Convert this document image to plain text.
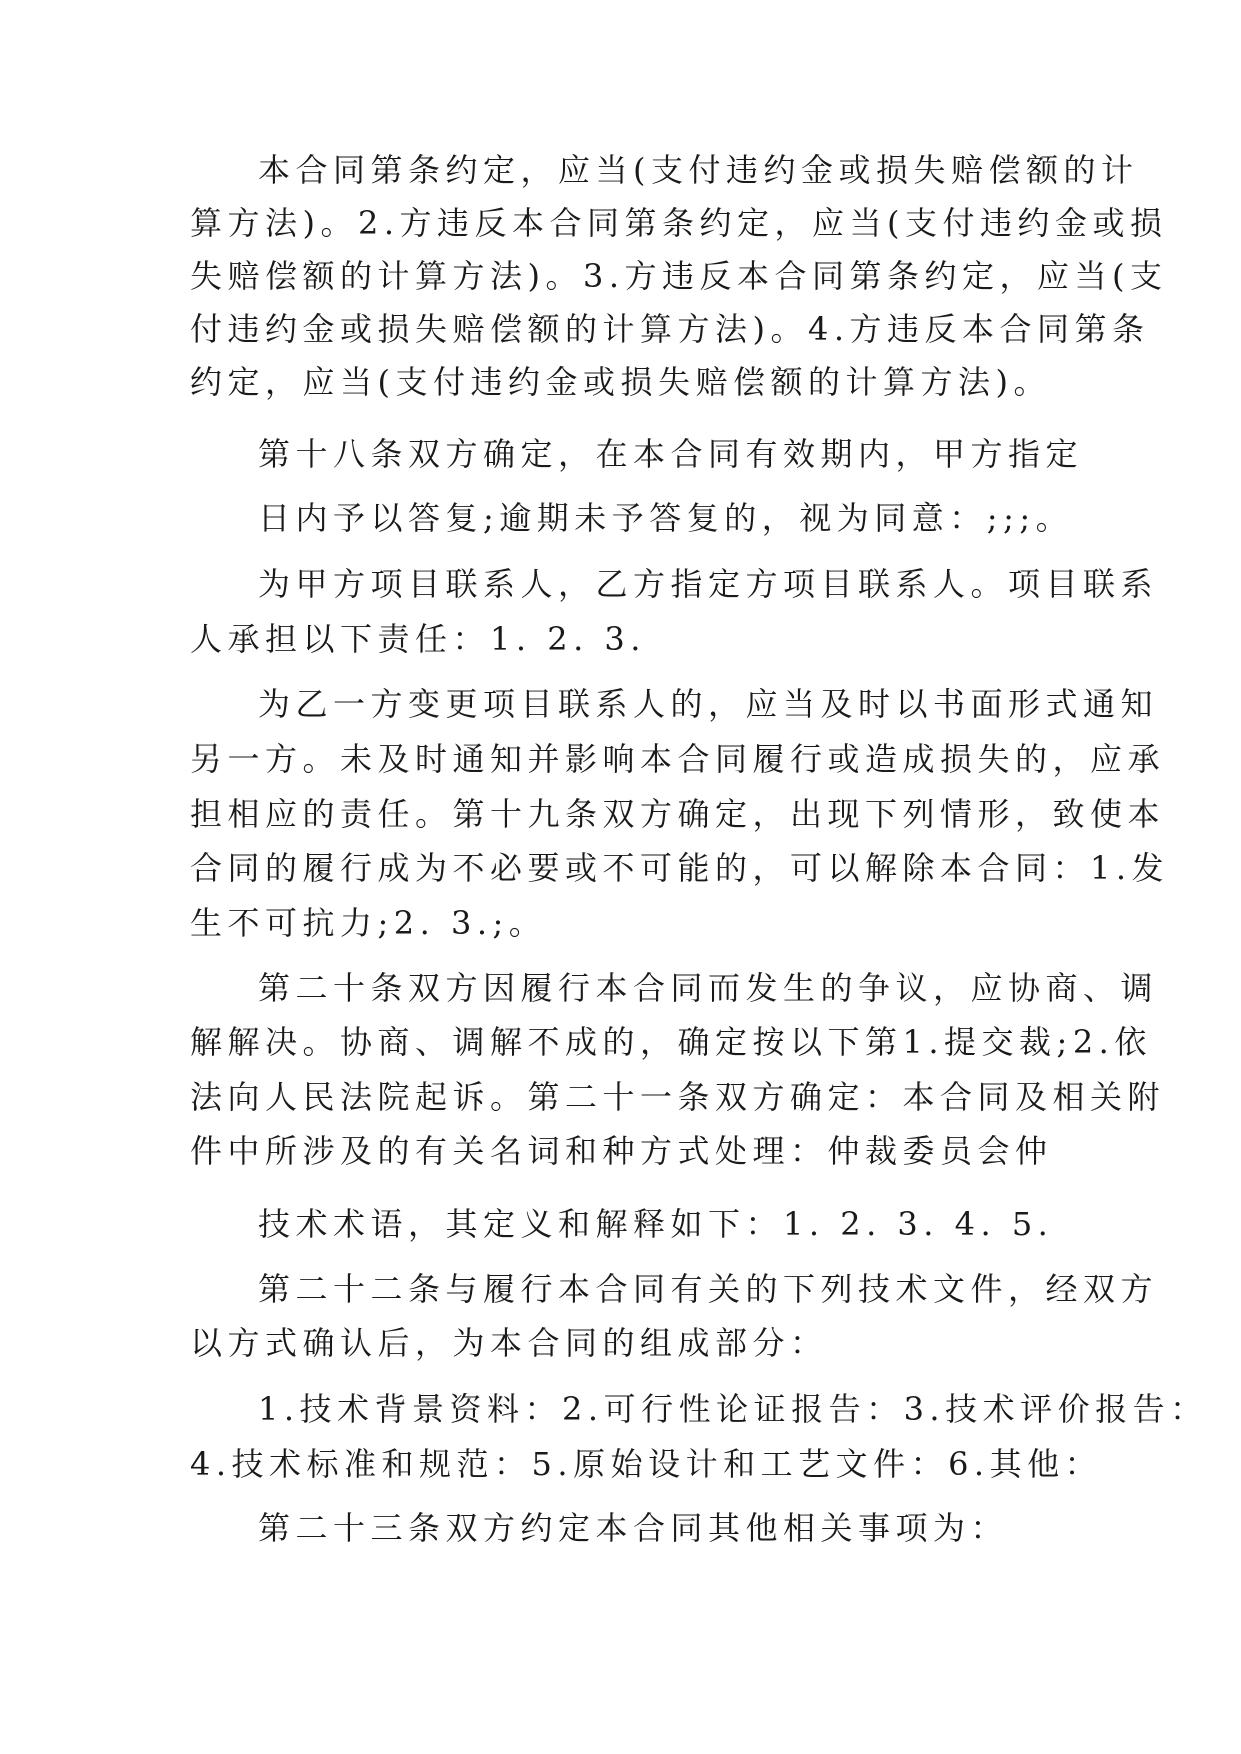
本合同第条约定，应当(支付违约金或损失赔偿额的计
算方法)。2.方违反本合同第条约定，应当(支付违约金或损
失赔偿额的计算方法)。3.方违反本合同第条约定，应当(支
付违约金或损失赔偿额的计算方法)。4.方违反本合同第条
约定，应当(支付违约金或损失赔偿额的计算方法)。
第十八条双方确定，在本合同有效期内，甲方指定
日内予以答复;逾期未予答复的，视为同意：;;;。
为甲方项目联系人，乙方指定方项目联系人。项目联系
人承担以下责任：1. 2. 3.
为乙一方变更项目联系人的，应当及时以书面形式通知
另一方。未及时通知并影响本合同履行或造成损失的，应承
担相应的责任。第十九条双方确定，出现下列情形，致使本
合同的履行成为不必要或不可能的，可以解除本合同：1.发
生不可抗力;2. 3.;。
第二十条双方因履行本合同而发生的争议，应协商、调
解解决。协商、调解不成的，确定按以下第1.提交裁;2.依
法向人民法院起诉。第二十一条双方确定：本合同及相关附
件中所涉及的有关名词和种方式处理：仲裁委员会仲
技术术语，其定义和解释如下：1. 2. 3. 4. 5.
第二十二条与履行本合同有关的下列技术文件，经双方
以方式确认后，为本合同的组成部分：
1.技术背景资料：2.可行性论证报告：3.技术评价报告：
4.技术标准和规范：5.原始设计和工艺文件：6.其他：
第二十三条双方约定本合同其他相关事项为：
